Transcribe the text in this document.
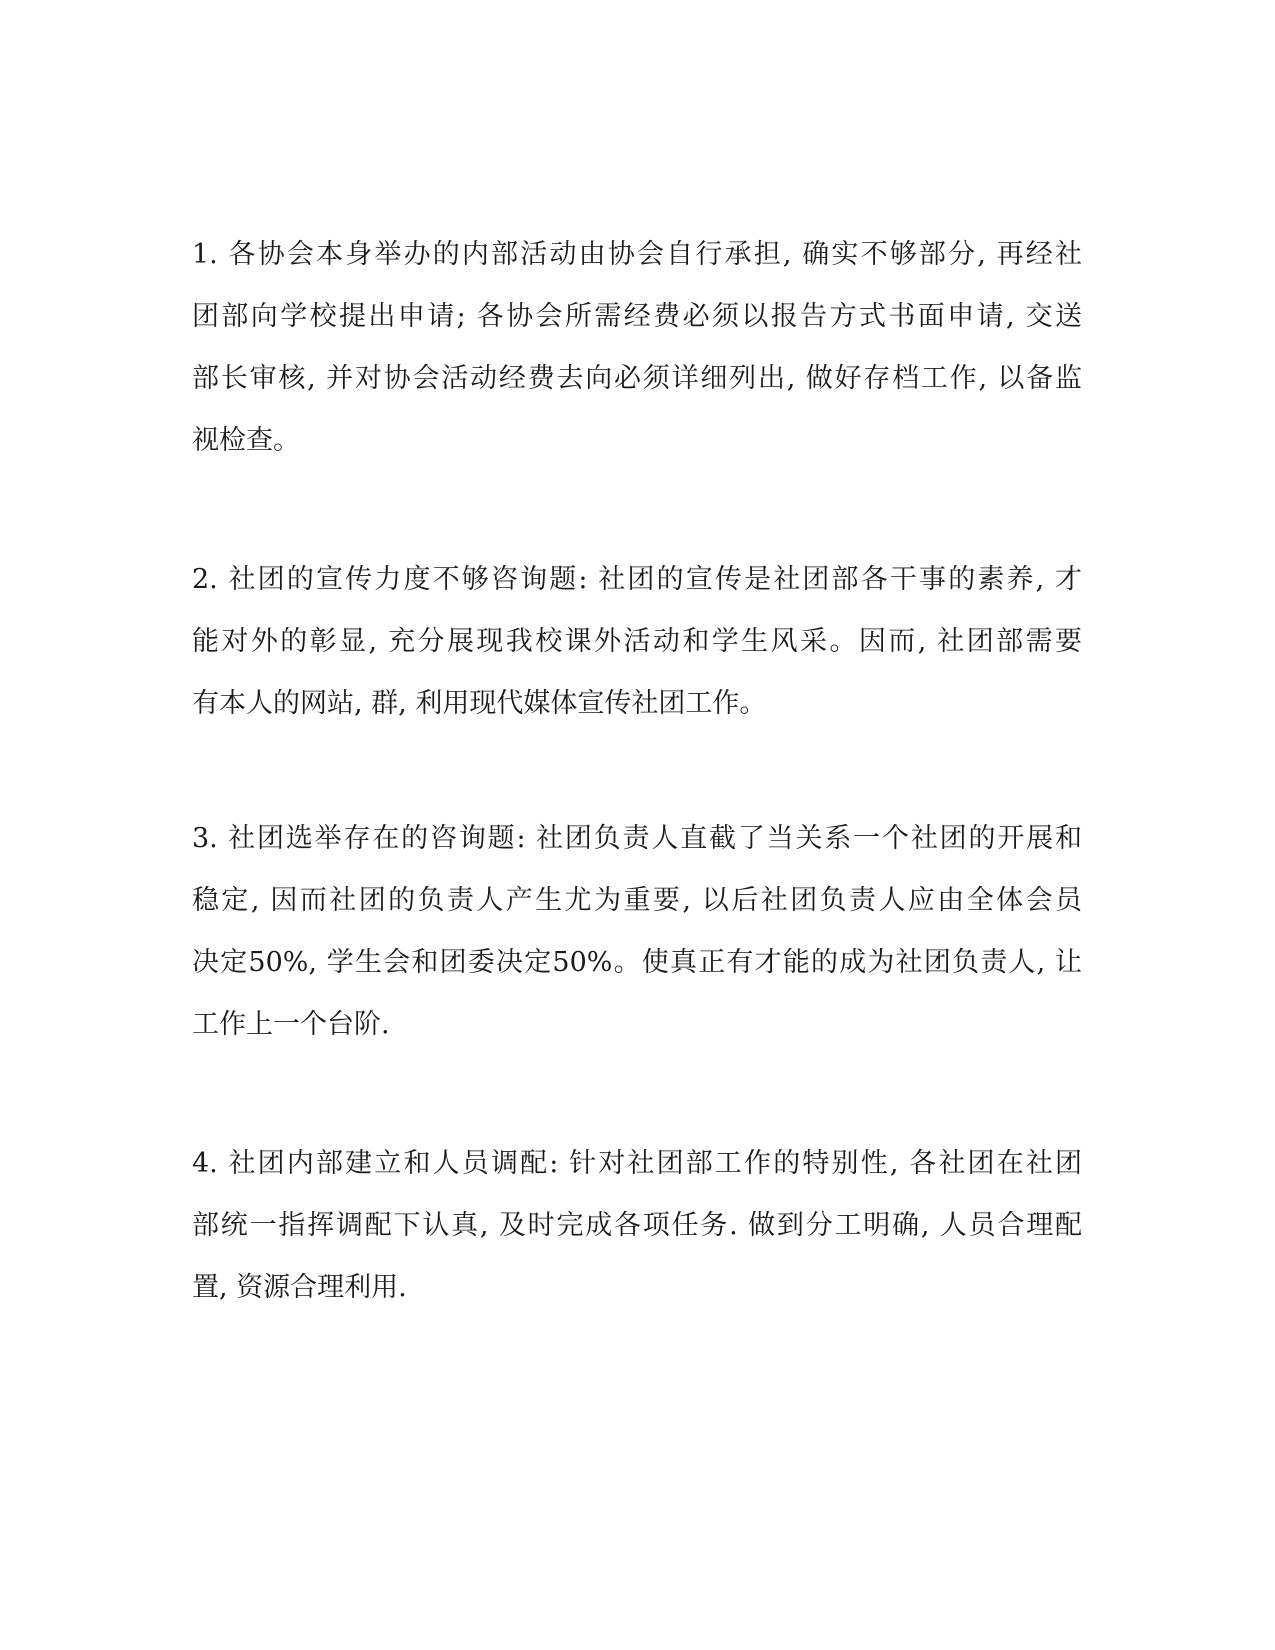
1. 各协会本身举办的内部活动由协会自行承担, 确实不够部分, 再经社
团部向学校提出申请; 各协会所需经费必须以报告方式书面申请, 交送
部长审核, 并对协会活动经费去向必须详细列出, 做好存档工作, 以备监
视检查。
2. 社团的宣传力度不够咨询题: 社团的宣传是社团部各干事的素养, 才
能对外的彰显, 充分展现我校课外活动和学生风采。因而, 社团部需要
有本人的网站, 群, 利用现代媒体宣传社团工作。
3. 社团选举存在的咨询题: 社团负责人直截了当关系一个社团的开展和
稳定, 因而社团的负责人产生尤为重要, 以后社团负责人应由全体会员
决定50%, 学生会和团委决定50%。使真正有才能的成为社团负责人, 让
工作上一个台阶.
4. 社团内部建立和人员调配: 针对社团部工作的特别性, 各社团在社团
部统一指挥调配下认真, 及时完成各项任务. 做到分工明确, 人员合理配
置, 资源合理利用.
